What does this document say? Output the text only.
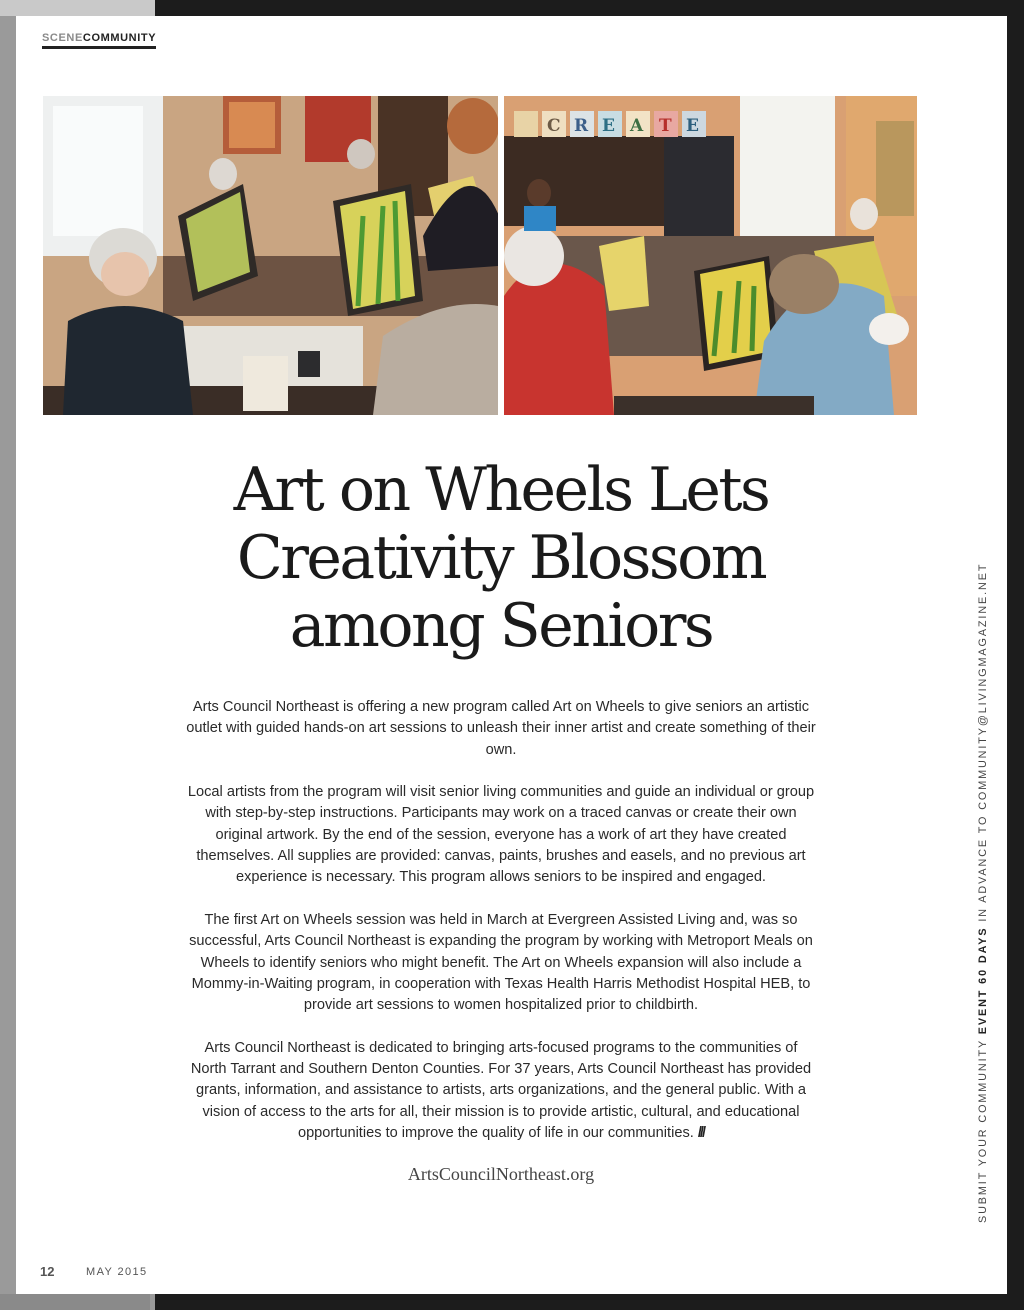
SCENECOMMUNITY
C R E A T E
Art on Wheels Lets
Creativity Blossom
among Seniors

Arts Council Northeast is offering a new program called Art on Wheels to give seniors an artistic outlet with guided hands-on art sessions to unleash their inner artist and create something of their own.

Local artists from the program will visit senior living communities and guide an individual or group with step-by-step instructions. Participants may work on a traced canvas or create their own original artwork. By the end of the session, everyone has a work of art they have created themselves. All supplies are provided: canvas, paints, brushes and easels, and no previous art experience is necessary. This program allows seniors to be inspired and engaged.

The first Art on Wheels session was held in March at Evergreen Assisted Living and, was so successful, Arts Council Northeast is expanding the program by working with Metroport Meals on Wheels to identify seniors who might benefit. The Art on Wheels expansion will also include a Mommy-in-Waiting program, in cooperation with Texas Health Harris Methodist Hospital HEB, to provide art sessions to women hospitalized prior to childbirth.

Arts Council Northeast is dedicated to bringing arts-focused programs to the communities of North Tarrant and Southern Denton Counties. For 37 years, Arts Council Northeast has provided grants, information, and assistance to artists, arts organizations, and the general public. With a vision of access to the arts for all, their mission is to provide artistic, cultural, and educational opportunities to improve the quality of life in our communities. ///

ArtsCouncilNortheast.org
12	MAY 2015
SUBMIT YOUR COMMUNITY EVENT 60 DAYS IN ADVANCE TO COMMUNITY@LIVINGMAGAZINE.NET
